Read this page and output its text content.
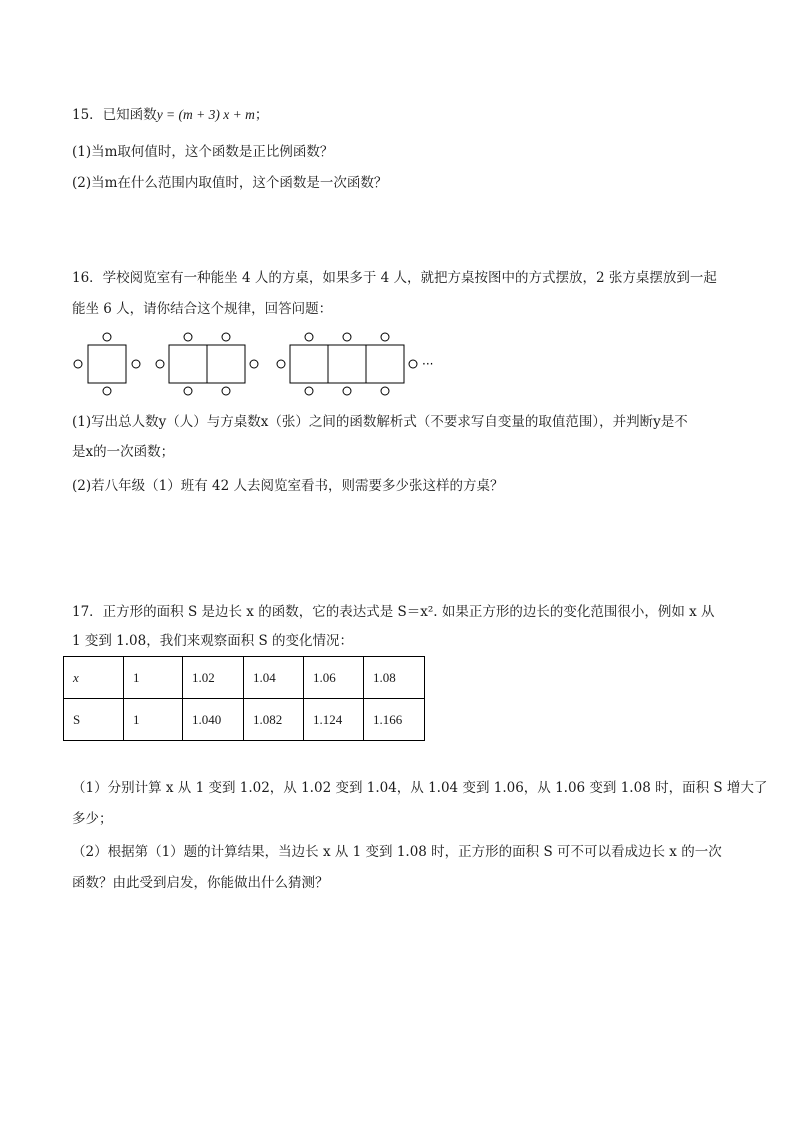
15．已知函数y = (m + 3) x + m；
(1)当m取何值时，这个函数是正比例函数？
(2)当m在什么范围内取值时，这个函数是一次函数？
16．学校阅览室有一种能坐 4 人的方桌，如果多于 4 人，就把方桌按图中的方式摆放，2 张方桌摆放到一起
能坐 6 人，请你结合这个规律，回答问题：
···
(1)写出总人数y（人）与方桌数x（张）之间的函数解析式（不要求写自变量的取值范围），并判断y是不
是x的一次函数；
(2)若八年级（1）班有 42 人去阅览室看书，则需要多少张这样的方桌？
17．正方形的面积 S 是边长 x 的函数，它的表达式是 S＝x². 如果正方形的边长的变化范围很小，例如 x 从
1 变到 1.08，我们来观察面积 S 的变化情况：
x	1	1.02	1.04	1.06	1.08
S	1	1.040	1.082	1.124	1.166
（1）分别计算 x 从 1 变到 1.02，从 1.02 变到 1.04，从 1.04 变到 1.06，从 1.06 变到 1.08 时，面积 S 增大了
多少；
（2）根据第（1）题的计算结果，当边长 x 从 1 变到 1.08 时，正方形的面积 S 可不可以看成边长 x 的一次
函数？由此受到启发，你能做出什么猜测？
